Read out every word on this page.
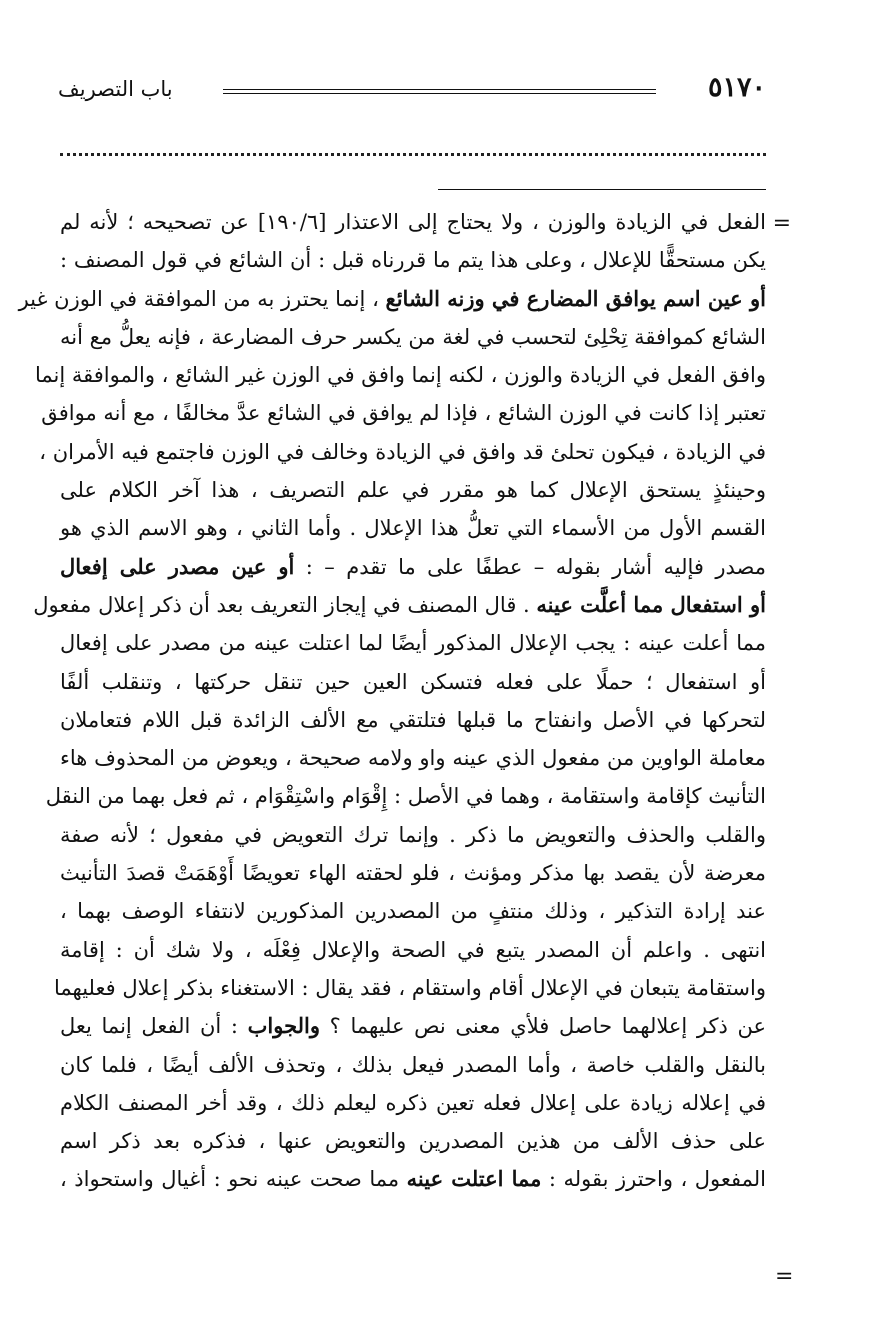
٥١٧٠
باب التصريف
=
الفعل في الزيادة والوزن ، ولا يحتاج إلى الاعتذار [١٩٠/٦] عن تصحيحه ؛ لأنه لم
يكن مستحقًّا للإعلال ، وعلى هذا يتم ما قررناه قبل : أن الشائع في قول المصنف :
أو عين اسم يوافق المضارع في وزنه الشائع ، إنما يحترز به من الموافقة في الوزن غير
الشائع كموافقة تِحْلِئ لتحسب في لغة من يكسر حرف المضارعة ، فإنه يعلُّ مع أنه
وافق الفعل في الزيادة والوزن ، لكنه إنما وافق في الوزن غير الشائع ، والموافقة إنما
تعتبر إذا كانت في الوزن الشائع ، فإذا لم يوافق في الشائع عدَّ مخالفًا ، مع أنه موافق
في الزيادة ، فيكون تحلئ قد وافق في الزيادة وخالف في الوزن فاجتمع فيه الأمران ،
وحينئذٍ يستحق الإعلال كما هو مقرر في علم التصريف ، هذا آخر الكلام على
القسم الأول من الأسماء التي تعلُّ هذا الإعلال . وأما الثاني ، وهو الاسم الذي هو
مصدر فإليه أشار بقوله – عطفًا على ما تقدم – : أو عين مصدر على إفعال
أو استفعال مما أعلَّت عينه . قال المصنف في إيجاز التعريف بعد أن ذكر إعلال مفعول
مما أعلت عينه : يجب الإعلال المذكور أيضًا لما اعتلت عينه من مصدر على إفعال
أو استفعال ؛ حملًا على فعله فتسكن العين حين تنقل حركتها ، وتنقلب ألفًا
لتحركها في الأصل وانفتاح ما قبلها فتلتقي مع الألف الزائدة قبل اللام فتعاملان
معاملة الواوين من مفعول الذي عينه واو ولامه صحيحة ، ويعوض من المحذوف هاء
التأنيث كإقامة واستقامة ، وهما في الأصل : إِقْوَام واسْتِقْوَام ، ثم فعل بهما من النقل
والقلب والحذف والتعويض ما ذكر . وإنما ترك التعويض في مفعول ؛ لأنه صفة
معرضة لأن يقصد بها مذكر ومؤنث ، فلو لحقته الهاء تعويضًا أَوْهَمَتْ قصدَ التأنيث
عند إرادة التذكير ، وذلك منتفٍ من المصدرين المذكورين لانتفاء الوصف بهما ،
انتهى . واعلم أن المصدر يتبع في الصحة والإعلال فِعْلَه ، ولا شك أن : إقامة
واستقامة يتبعان في الإعلال أقام واستقام ، فقد يقال : الاستغناء بذكر إعلال فعليهما
عن ذكر إعلالهما حاصل فلأي معنى نص عليهما ؟ والجواب : أن الفعل إنما يعل
بالنقل والقلب خاصة ، وأما المصدر فيعل بذلك ، وتحذف الألف أيضًا ، فلما كان
في إعلاله زيادة على إعلال فعله تعين ذكره ليعلم ذلك ، وقد أخر المصنف الكلام
على حذف الألف من هذين المصدرين والتعويض عنها ، فذكره بعد ذكر اسم
المفعول ، واحترز بقوله : مما اعتلت عينه مما صحت عينه نحو : أغيال واستحواذ ،
=
